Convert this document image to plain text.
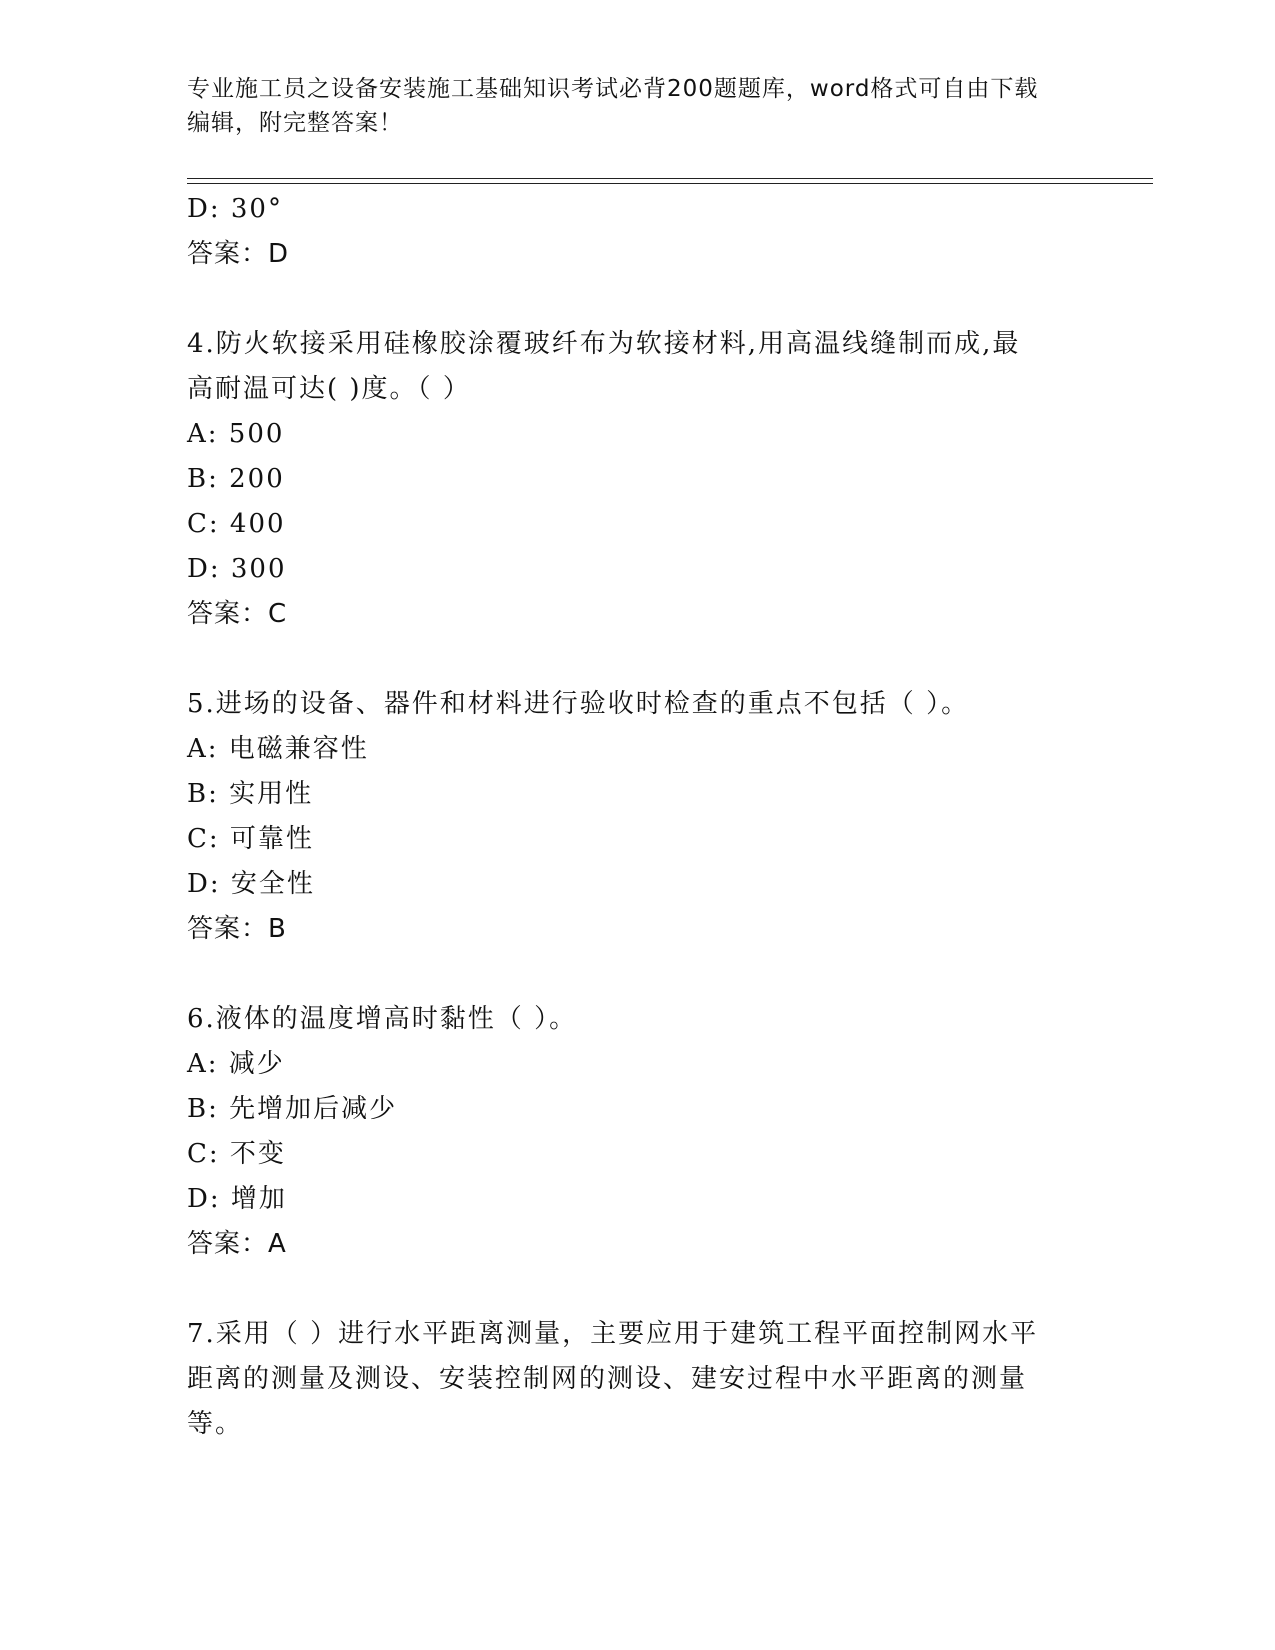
专业施工员之设备安装施工基础知识考试必背200题题库，word格式可自由下载
编辑，附完整答案！
D: 30°
答案：D
4.防火软接采用硅橡胶涂覆玻纤布为软接材料,用高温线缝制而成,最
高耐温可达( )度。（ ）
A: 500
B: 200
C: 400
D: 300
答案：C
5.进场的设备、器件和材料进行验收时检查的重点不包括（ ）。
A: 电磁兼容性
B: 实用性
C: 可靠性
D: 安全性
答案：B
6.液体的温度增高时黏性（ ）。
A: 减少
B: 先增加后减少
C: 不变
D: 增加
答案：A
7.采用（ ）进行水平距离测量，主要应用于建筑工程平面控制网水平
距离的测量及测设、安装控制网的测设、建安过程中水平距离的测量
等。
